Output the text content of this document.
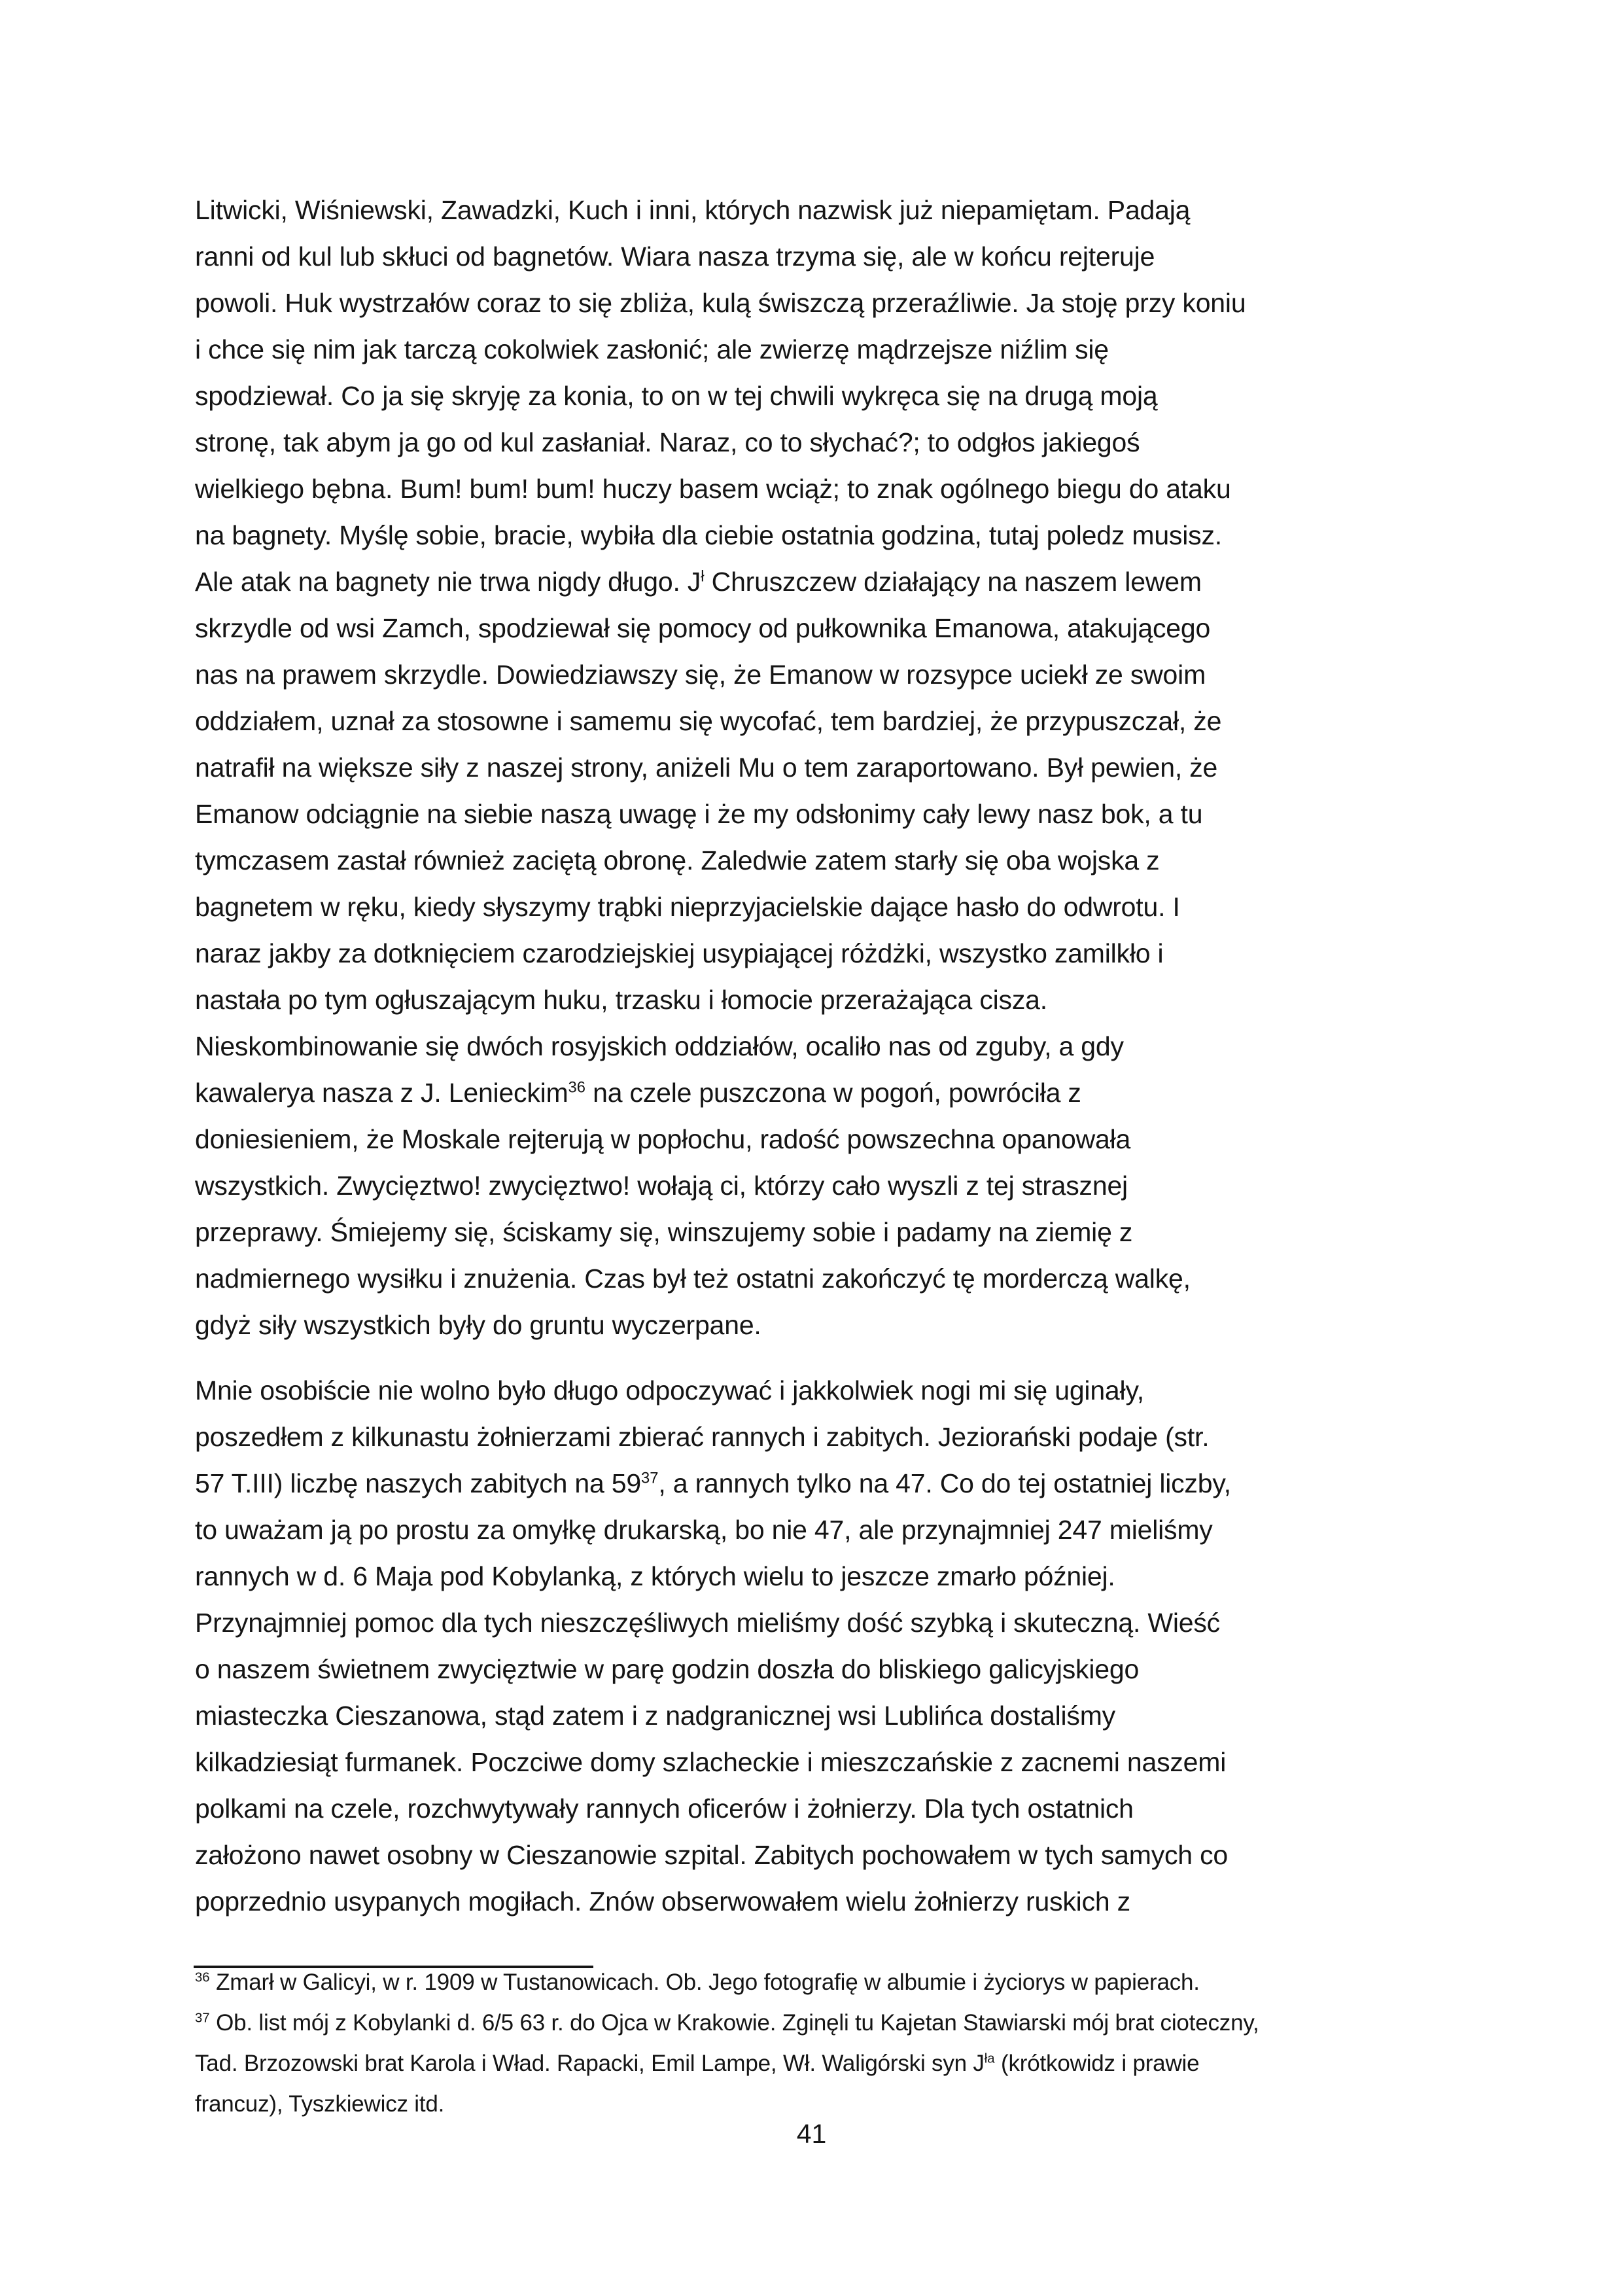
Litwicki, Wiśniewski, Zawadzki, Kuch i inni, których nazwisk już niepamiętam. Padają
ranni od kul lub skłuci od bagnetów. Wiara nasza trzyma się, ale w końcu rejteruje
powoli. Huk wystrzałów coraz to się zbliża, kulą świszczą przeraźliwie. Ja stoję przy koniu
i chce się nim jak tarczą cokolwiek zasłonić; ale zwierzę mądrzejsze niźlim się
spodziewał. Co ja się skryję za konia, to on w tej chwili wykręca się na drugą moją
stronę, tak abym ja go od kul zasłaniał. Naraz, co to słychać?; to odgłos jakiegoś
wielkiego bębna. Bum! bum! bum! huczy basem wciąż; to znak ogólnego biegu do ataku
na bagnety. Myślę sobie, bracie, wybiła dla ciebie ostatnia godzina, tutaj poledz musisz.
Ale atak na bagnety nie trwa nigdy długo. $J^ł$ Chruszczew działający na naszem lewem
skrzydle od wsi Zamch, spodziewał się pomocy od pułkownika Emanowa, atakującego
nas na prawem skrzydle. Dowiedziawszy się, że Emanow w rozsypce uciekł ze swoim
oddziałem, uznał za stosowne i samemu się wycofać, tem bardziej, że przypuszczał, że
natrafił na większe siły z naszej strony, aniżeli Mu o tem zaraportowano. Był pewien, że
Emanow odciągnie na siebie naszą uwagę i że my odsłonimy cały lewy nasz bok, a tu
tymczasem zastał również zaciętą obronę. Zaledwie zatem starły się oba wojska z
bagnetem w ręku, kiedy słyszymy trąbki nieprzyjacielskie dające hasło do odwrotu. I
naraz jakby za dotknięciem czarodziejskiej usypiającej różdżki, wszystko zamilkło i
nastała po tym ogłuszającym huku, trzasku i łomocie przerażająca cisza.
Nieskombinowanie się dwóch rosyjskich oddziałów, ocaliło nas od zguby, a gdy
kawalerya nasza z J. Lenieckim$^{36}$ na czele puszczona w pogoń, powróciła z
doniesieniem, że Moskale rejterują w popłochu, radość powszechna opanowała
wszystkich. Zwycięztwo! zwycięztwo! wołają ci, którzy cało wyszli z tej strasznej
przeprawy. Śmiejemy się, ściskamy się, winszujemy sobie i padamy na ziemię z
nadmiernego wysiłku i znużenia. Czas był też ostatni zakończyć tę morderczą walkę,
gdyż siły wszystkich były do gruntu wyczerpane.
Mnie osobiście nie wolno było długo odpoczywać i jakkolwiek nogi mi się uginały,
poszedłem z kilkunastu żołnierzami zbierać rannych i zabitych. Jeziorański podaje (str.
57 T.III) liczbę naszych zabitych na $59^{37}$, a rannych tylko na 47. Co do tej ostatniej liczby,
to uważam ją po prostu za omyłkę drukarską, bo nie 47, ale przynajmniej 247 mieliśmy
rannych w d. 6 Maja pod Kobylanką, z których wielu to jeszcze zmarło później.
Przynajmniej pomoc dla tych nieszczęśliwych mieliśmy dość szybką i skuteczną. Wieść
o naszem świetnem zwycięztwie w parę godzin doszła do bliskiego galicyjskiego
miasteczka Cieszanowa, stąd zatem i z nadgranicznej wsi Lublińca dostaliśmy
kilkadziesiąt furmanek. Poczciwe domy szlacheckie i mieszczańskie z zacnemi naszemi
polkami na czele, rozchwytywały rannych oficerów i żołnierzy. Dla tych ostatnich
założono nawet osobny w Cieszanowie szpital. Zabitych pochowałem w tych samych co
poprzednio usypanych mogiłach. Znów obserwowałem wielu żołnierzy ruskich z
$^{36}$ Zmarł w Galicyi, w r. 1909 w Tustanowicach. Ob. Jego fotografię w albumie i życiorys w papierach.
$^{37}$ Ob. list mój z Kobylanki d. 6/5 63 r. do Ojca w Krakowie. Zginęli tu Kajetan Stawiarski mój brat cioteczny,
Tad. Brzozowski brat Karola i Wład. Rapacki, Emil Lampe, Wł. Waligórski syn $J^{ła}$ (krótkowidz i prawie
francuz), Tyszkiewicz itd.
41
